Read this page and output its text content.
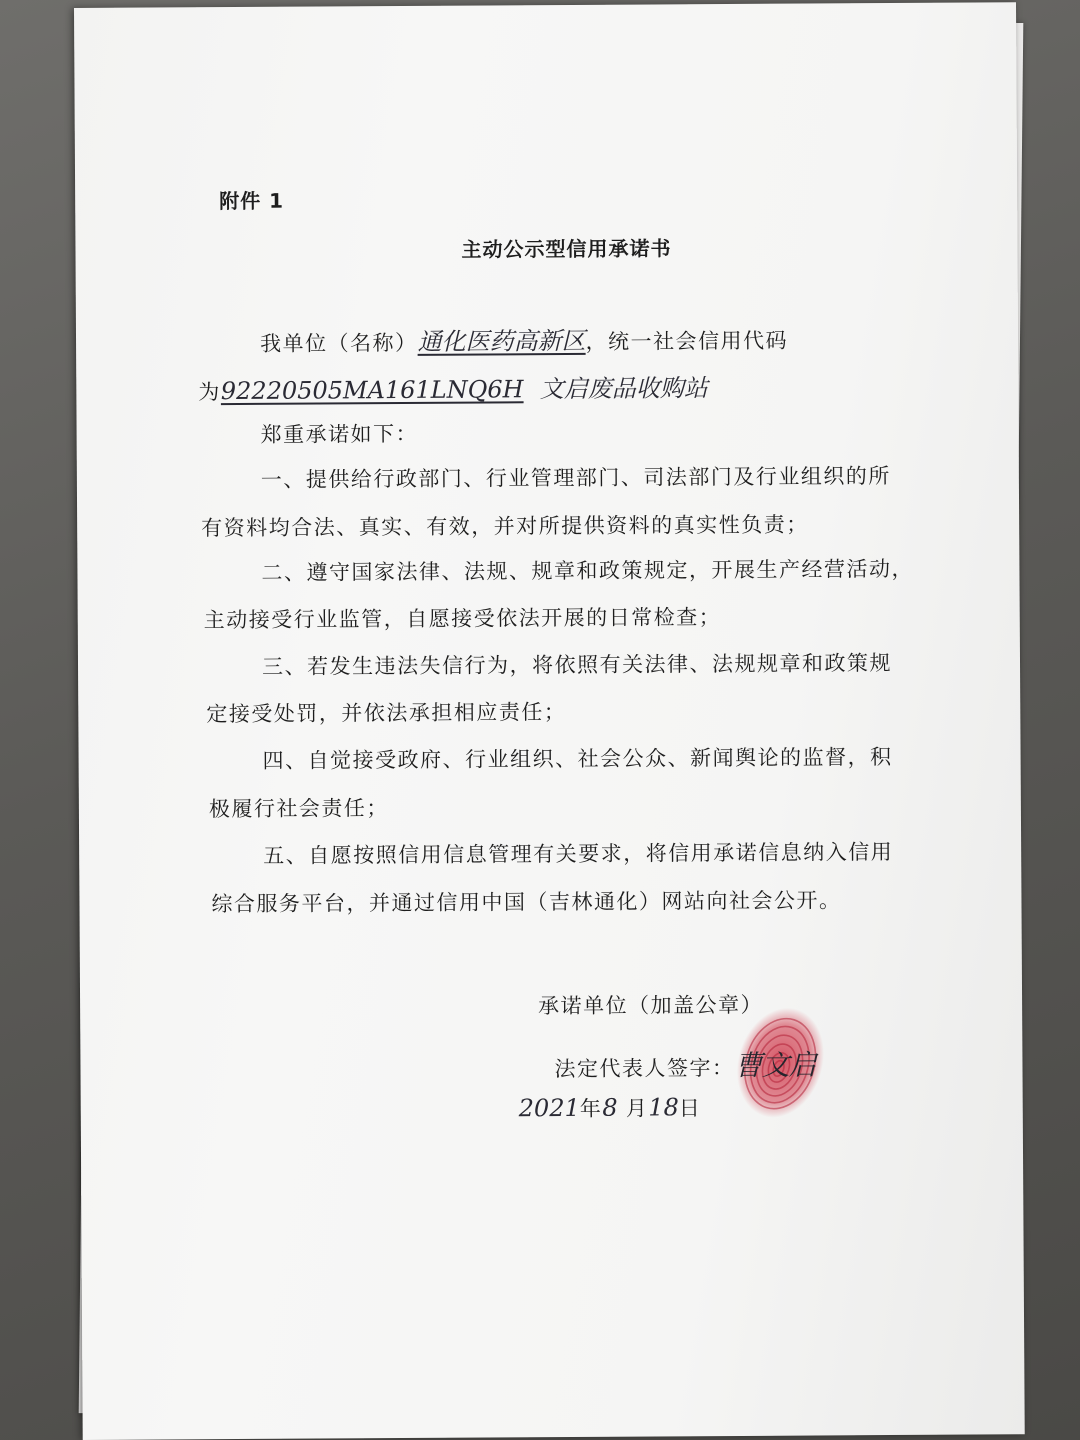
附件 1
主动公示型信用承诺书
我单位（名称）通化医药高新区，统一社会信用代码
为92220505MA161LNQ6H 文启废品收购站
郑重承诺如下：
一、提供给行政部门、行业管理部门、司法部门及行业组织的所
有资料均合法、真实、有效，并对所提供资料的真实性负责；
二、遵守国家法律、法规、规章和政策规定，开展生产经营活动，
主动接受行业监管，自愿接受依法开展的日常检查；
三、若发生违法失信行为，将依照有关法律、法规规章和政策规
定接受处罚，并依法承担相应责任；
四、自觉接受政府、行业组织、社会公众、新闻舆论的监督，积
极履行社会责任；
五、自愿按照信用信息管理有关要求，将信用承诺信息纳入信用
综合服务平台，并通过信用中国（吉林通化）网站向社会公开。
承诺单位（加盖公章）
法定代表人签字：曹文启
2021年8 月18日
